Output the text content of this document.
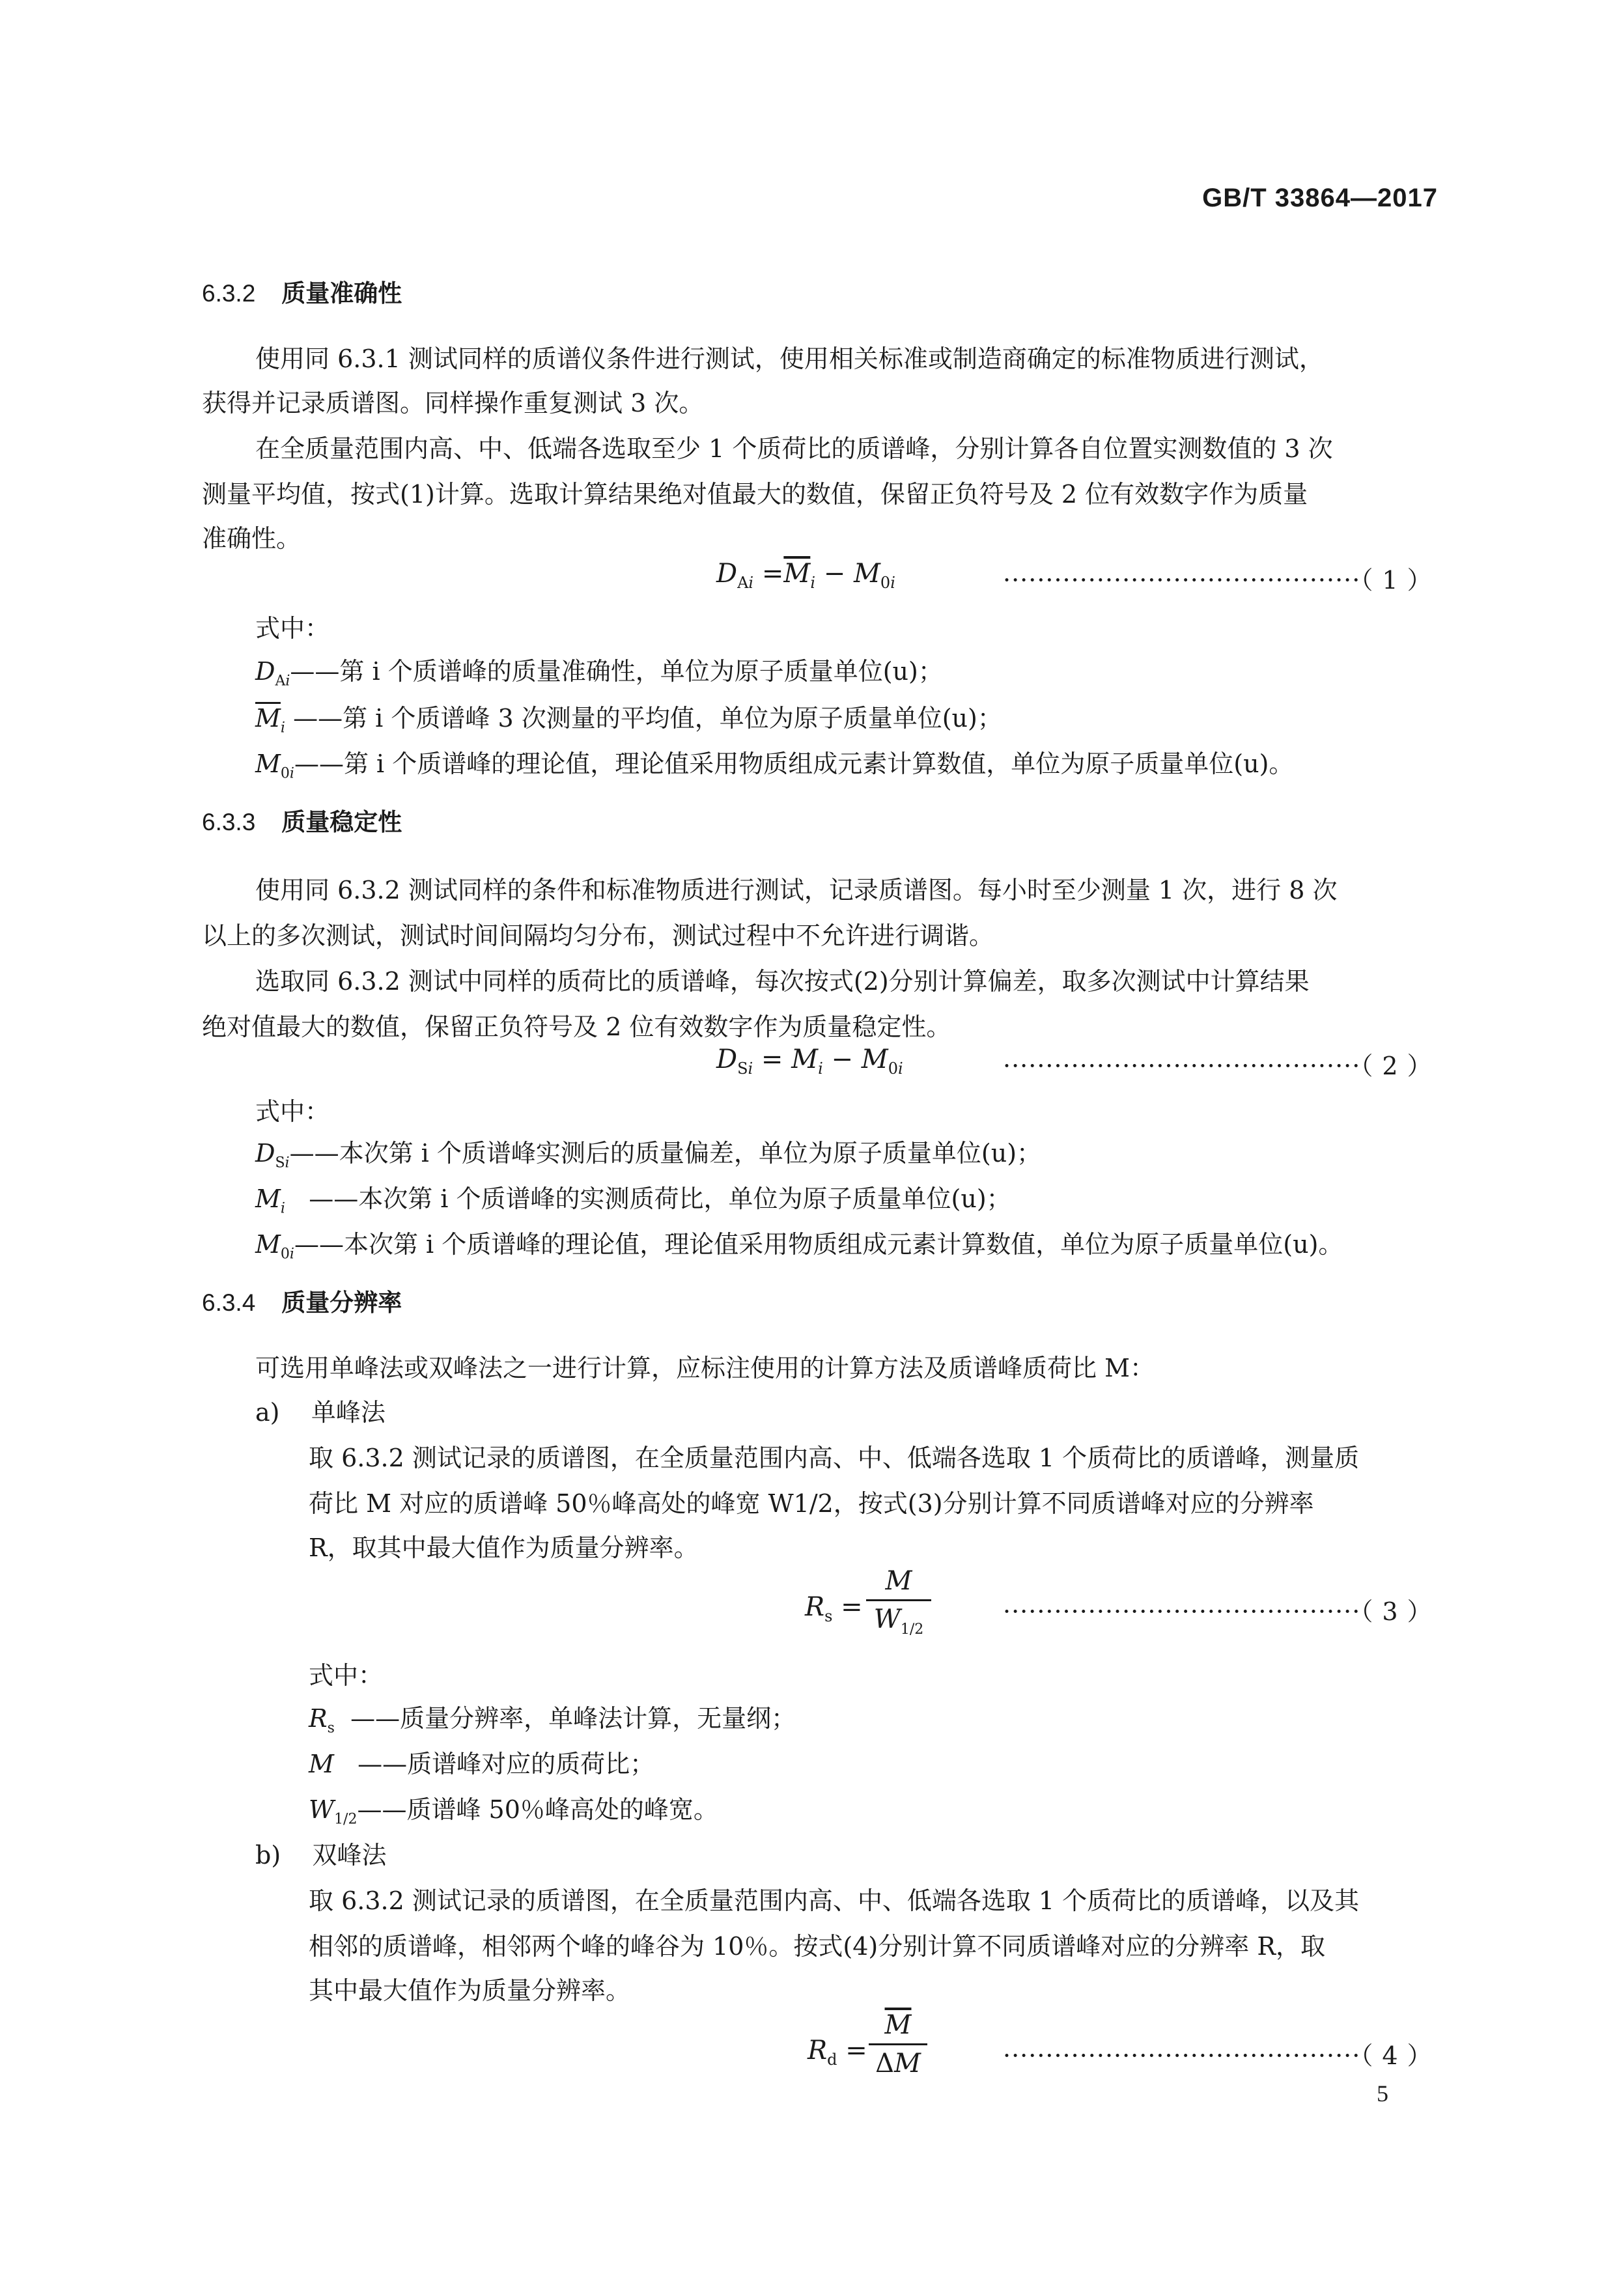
GB/T 33864—2017
6.3.2 质量准确性
使用同 6.3.1 测试同样的质谱仪条件进行测试，使用相关标准或制造商确定的标准物质进行测试，
获得并记录质谱图。同样操作重复测试 3 次。
在全质量范围内高、中、低端各选取至少 1 个质荷比的质谱峰，分别计算各自位置实测数值的 3 次
测量平均值，按式(1)计算。选取计算结果绝对值最大的数值，保留正负符号及 2 位有效数字作为质量
准确性。
$D_{Ai} =\overline{M}_i - M_{0i}$	··········································（ 1 ）
式中：
$D_{Ai}——$第 i 个质谱峰的质量准确性，单位为原子质量单位(u)；
$\overline{M}_i$ ——第 i 个质谱峰 3 次测量的平均值，单位为原子质量单位(u)；
$M_{0i}——$第 i 个质谱峰的理论值，理论值采用物质组成元素计算数值，单位为原子质量单位(u)。
6.3.3 质量稳定性
使用同 6.3.2 测试同样的条件和标准物质进行测试，记录质谱图。每小时至少测量 1 次，进行 8 次
以上的多次测试，测试时间间隔均匀分布，测试过程中不允许进行调谐。
选取同 6.3.2 测试中同样的质荷比的质谱峰，每次按式(2)分别计算偏差，取多次测试中计算结果
绝对值最大的数值，保留正负符号及 2 位有效数字作为质量稳定性。
$D_{Si} = M_i - M_{0i}$	··········································（ 2 ）
式中：
$D_{Si}——$本次第 i 个质谱峰实测后的质量偏差，单位为原子质量单位(u)；
$M_i$ ——本次第 i 个质谱峰的实测质荷比，单位为原子质量单位(u)；
$M_{0i}——$本次第 i 个质谱峰的理论值，理论值采用物质组成元素计算数值，单位为原子质量单位(u)。
6.3.4 质量分辨率
可选用单峰法或双峰法之一进行计算，应标注使用的计算方法及质谱峰质荷比 M：
a) 单峰法
取 6.3.2 测试记录的质谱图，在全质量范围内高、中、低端各选取 1 个质荷比的质谱峰，测量质
荷比 M 对应的质谱峰 50％峰高处的峰宽 W1/2，按式(3)分别计算不同质谱峰对应的分辨率
R，取其中最大值作为质量分辨率。
$R_s$ =
M
$W_{1/2}$
··········································（ 3 ）
式中：
$R_s$ ——质量分辨率，单峰法计算，无量纲；
M ——质谱峰对应的质荷比；
$W_{1/2}——$质谱峰 50％峰高处的峰宽。
b) 双峰法
取 6.3.2 测试记录的质谱图，在全质量范围内高、中、低端各选取 1 个质荷比的质谱峰，以及其
相邻的质谱峰，相邻两个峰的峰谷为 10％。按式(4)分别计算不同质谱峰对应的分辨率 R，取
其中最大值作为质量分辨率。
$R_d$ =
$\overline{M}$
ΔM	··········································（ 4 ）
5
